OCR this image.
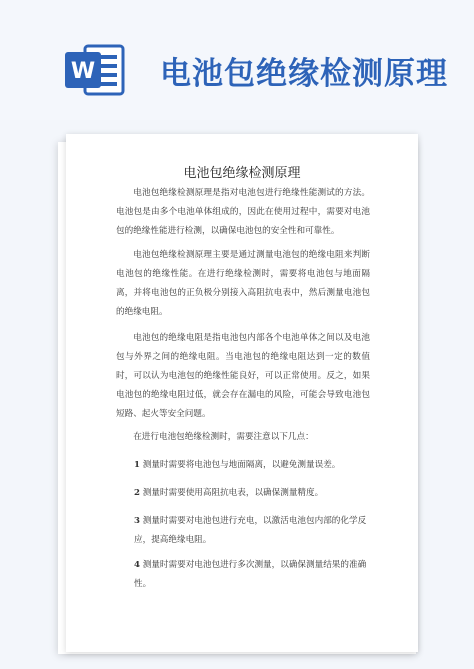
W 电池包绝缘检测原理
电池包绝缘检测原理
电池包绝缘检测原理是指对电池包进行绝缘性能测试的方法。电池包是由多个电池单体组成的，因此在使用过程中，需要对电池包的绝缘性能进行检测，以确保电池包的安全性和可靠性。
电池包绝缘检测原理主要是通过测量电池包的绝缘电阻来判断电池包的绝缘性能。在进行绝缘检测时，需要将电池包与地面隔离，并将电池包的正负极分别接入高阻抗电表中，然后测量电池包的绝缘电阻。
电池包的绝缘电阻是指电池包内部各个电池单体之间以及电池包与外界之间的绝缘电阻。当电池包的绝缘电阻达到一定的数值时，可以认为电池包的绝缘性能良好，可以正常使用。反之，如果电池包的绝缘电阻过低，就会存在漏电的风险，可能会导致电池包短路、起火等安全问题。
在进行电池包绝缘检测时，需要注意以下几点：
1 测量时需要将电池包与地面隔离，以避免测量误差。
2 测量时需要使用高阻抗电表，以确保测量精度。
3 测量时需要对电池包进行充电，以激活电池包内部的化学反应，提高绝缘电阻。
4 测量时需要对电池包进行多次测量，以确保测量结果的准确性。
